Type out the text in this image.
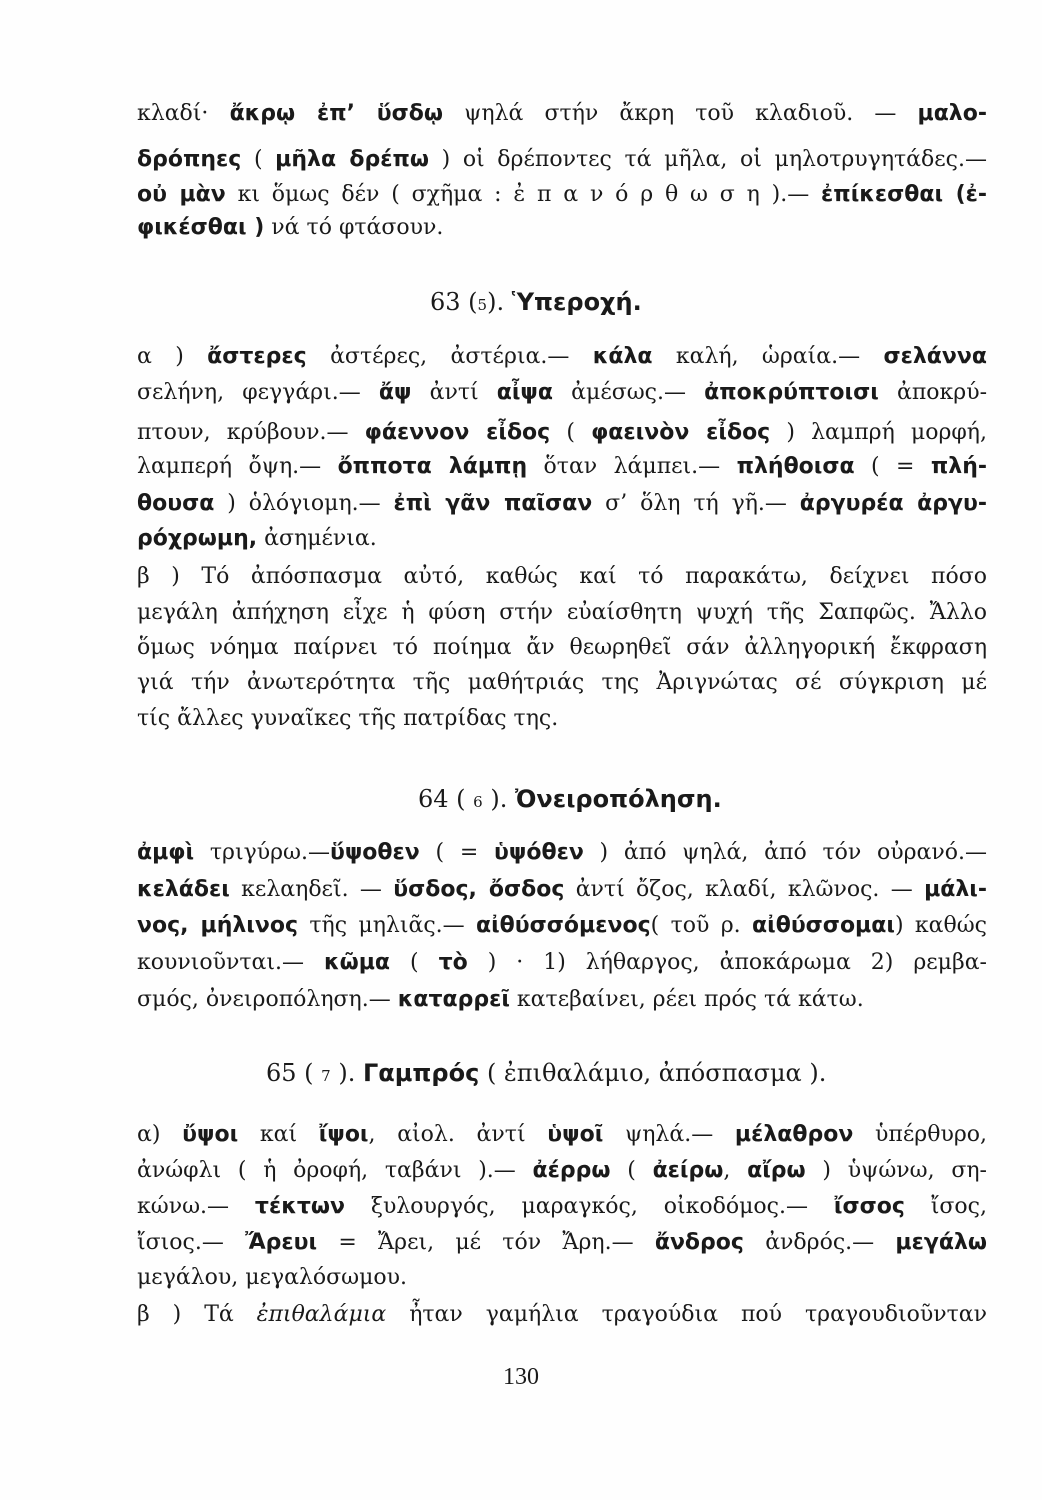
κλαδί· ἄκρῳ ἐπ’ ὕσδῳ ψηλά στήν ἄκρη τοῦ κλαδιοῦ. — μαλο-
δρόπηες ( μῆλα δρέπω ) οἱ δρέποντες τά μῆλα, οἱ μηλοτρυγητάδες.—
οὐ μὰν κι ὅμως δέν ( σχῆμα : ἐ π α ν ό ρ θ ω σ η ).— ἐπίκεσθαι (ἐ-
φικέσθαι ) νά τό φτάσουν.
63 (5). Ὑπεροχή.
α ) ἄστερες ἀστέρες, ἀστέρια.— κάλα καλή, ὡραία.— σελάννα
σελήνη, φεγγάρι.— ἄψ ἀντί αἶψα ἀμέσως.— ἀποκρύπτοισι ἀποκρύ-
πτουν, κρύβουν.— φάεννον εἶδος ( φαεινὸν εἶδος ) λαμπρή μορφή,
λαμπερή ὄψη.— ὄπποτα λάμπῃ ὅταν λάμπει.— πλήθοισα ( = πλή-
θουσα ) ὁλόγιομη.— ἐπὶ γᾶν παῖσαν σ’ ὅλη τή γῆ.— ἀργυρέα ἀργυ-
ρόχρωμη, ἀσημένια.
β ) Τό ἀπόσπασμα αὐτό, καθώς καί τό παρακάτω, δείχνει πόσο
μεγάλη ἀπήχηση εἶχε ἡ φύση στήν εὐαίσθητη ψυχή τῆς Σαπφῶς. Ἄλλο
ὅμως νόημα παίρνει τό ποίημα ἄν θεωρηθεῖ σάν ἀλληγορική ἔκφραση
γιά τήν ἀνωτερότητα τῆς μαθήτριάς της Ἀριγνώτας σέ σύγκριση μέ
τίς ἄλλες γυναῖκες τῆς πατρίδας της.
64 ( 6 ). Ὀνειροπόληση.
ἀμφὶ τριγύρω.—ὕψοθεν ( = ὑψόθεν ) ἀπό ψηλά, ἀπό τόν οὐρανό.—
κελάδει κελαηδεῖ. — ὕσδος, ὄσδος ἀντί ὄζος, κλαδί, κλῶνος. — μάλι-
νος, μήλινος τῆς μηλιᾶς.— αἰθύσσόμενος( τοῦ ρ. αἰθύσσομαι) καθώς
κουνιοῦνται.— κῶμα ( τὸ ) · 1) λήθαργος, ἀποκάρωμα 2) ρεμβα-
σμός, ὀνειροπόληση.— καταρρεῖ κατεβαίνει, ρέει πρός τά κάτω.
65 ( 7 ). Γαμπρός ( ἐπιθαλάμιο, ἀπόσπασμα ).
α) ὔψοι καί ἴψοι, αἰολ. ἀντί ὑψοῖ ψηλά.— μέλαθρον ὑπέρθυρο,
ἀνώφλι ( ἡ ὀροφή, ταβάνι ).— ἀέρρω ( ἀείρω, αἴρω ) ὑψώνω, ση-
κώνω.— τέκτων ξυλουργός, μαραγκός, οἰκοδόμος.— ἴσσος ἴσος,
ἴσιος.— Ἄρευι = Ἄρει, μέ τόν Ἄρη.— ἄνδρος ἀνδρός.— μεγάλω
μεγάλου, μεγαλόσωμου.
β ) Τά ἐπιθαλάμια ἦταν γαμήλια τραγούδια πού τραγουδιοῦνταν
130
